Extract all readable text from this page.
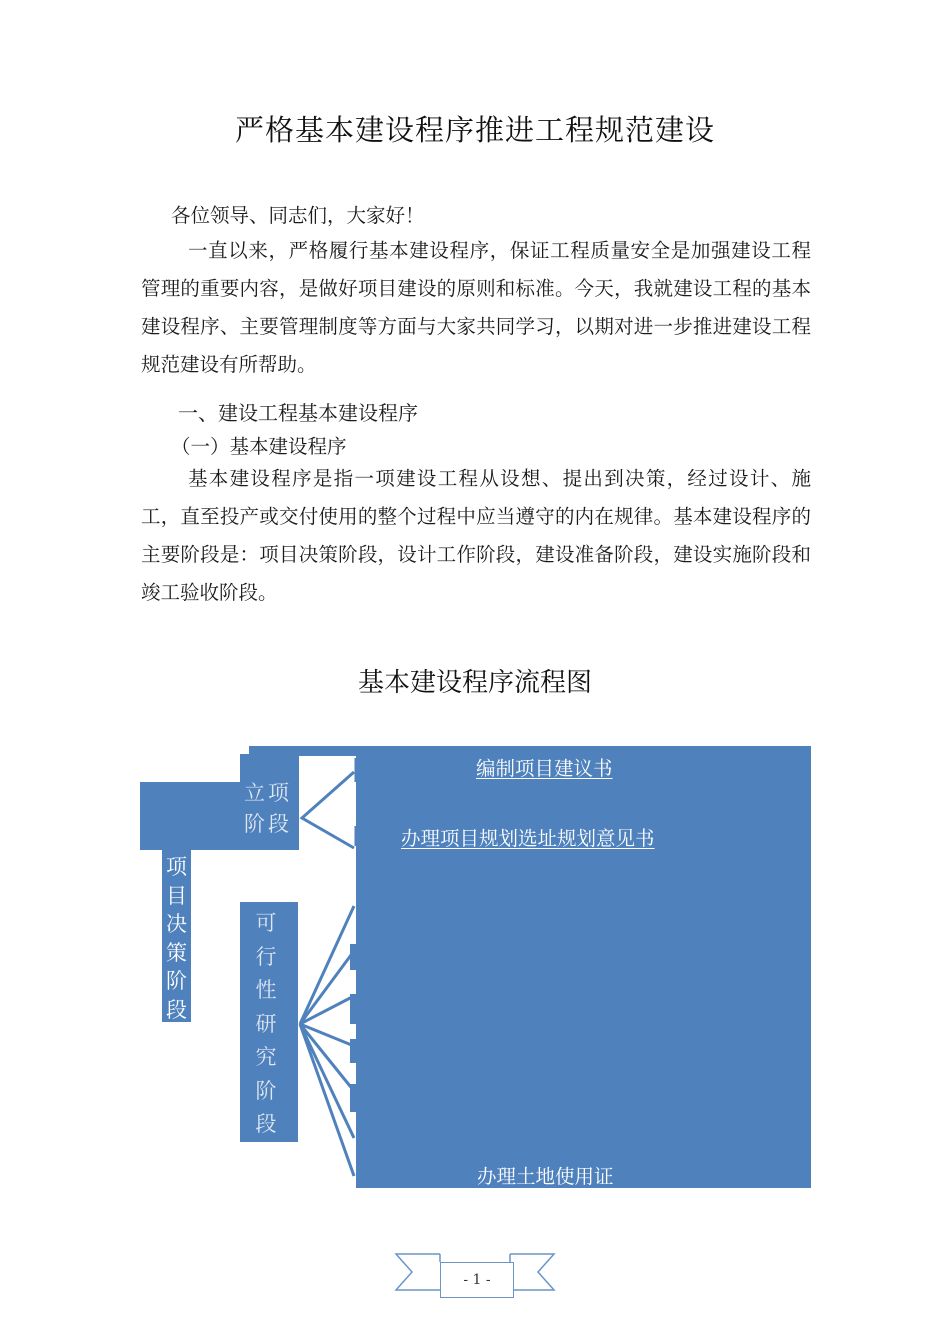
严格基本建设程序推进工程规范建设
各位领导、同志们，大家好！
一直以来，严格履行基本建设程序，保证工程质量安全是加强建设工程管理的重要内容，是做好项目建设的原则和标准。今天，我就建设工程的基本建设程序、主要管理制度等方面与大家共同学习，以期对进一步推进建设工程规范建设有所帮助。
一、建设工程基本建设程序
（一）基本建设程序
基本建设程序是指一项建设工程从设想、提出到决策，经过设计、施工，直至投产或交付使用的整个过程中应当遵守的内在规律。基本建设程序的主要阶段是：项目决策阶段，设计工作阶段，建设准备阶段，建设实施阶段和竣工验收阶段。
基本建设程序流程图
项目决策阶段
立项阶段
可行性研究阶段
编制项目建议书
办理项目规划选址规划意见书
办理土地使用证
- 1 -
